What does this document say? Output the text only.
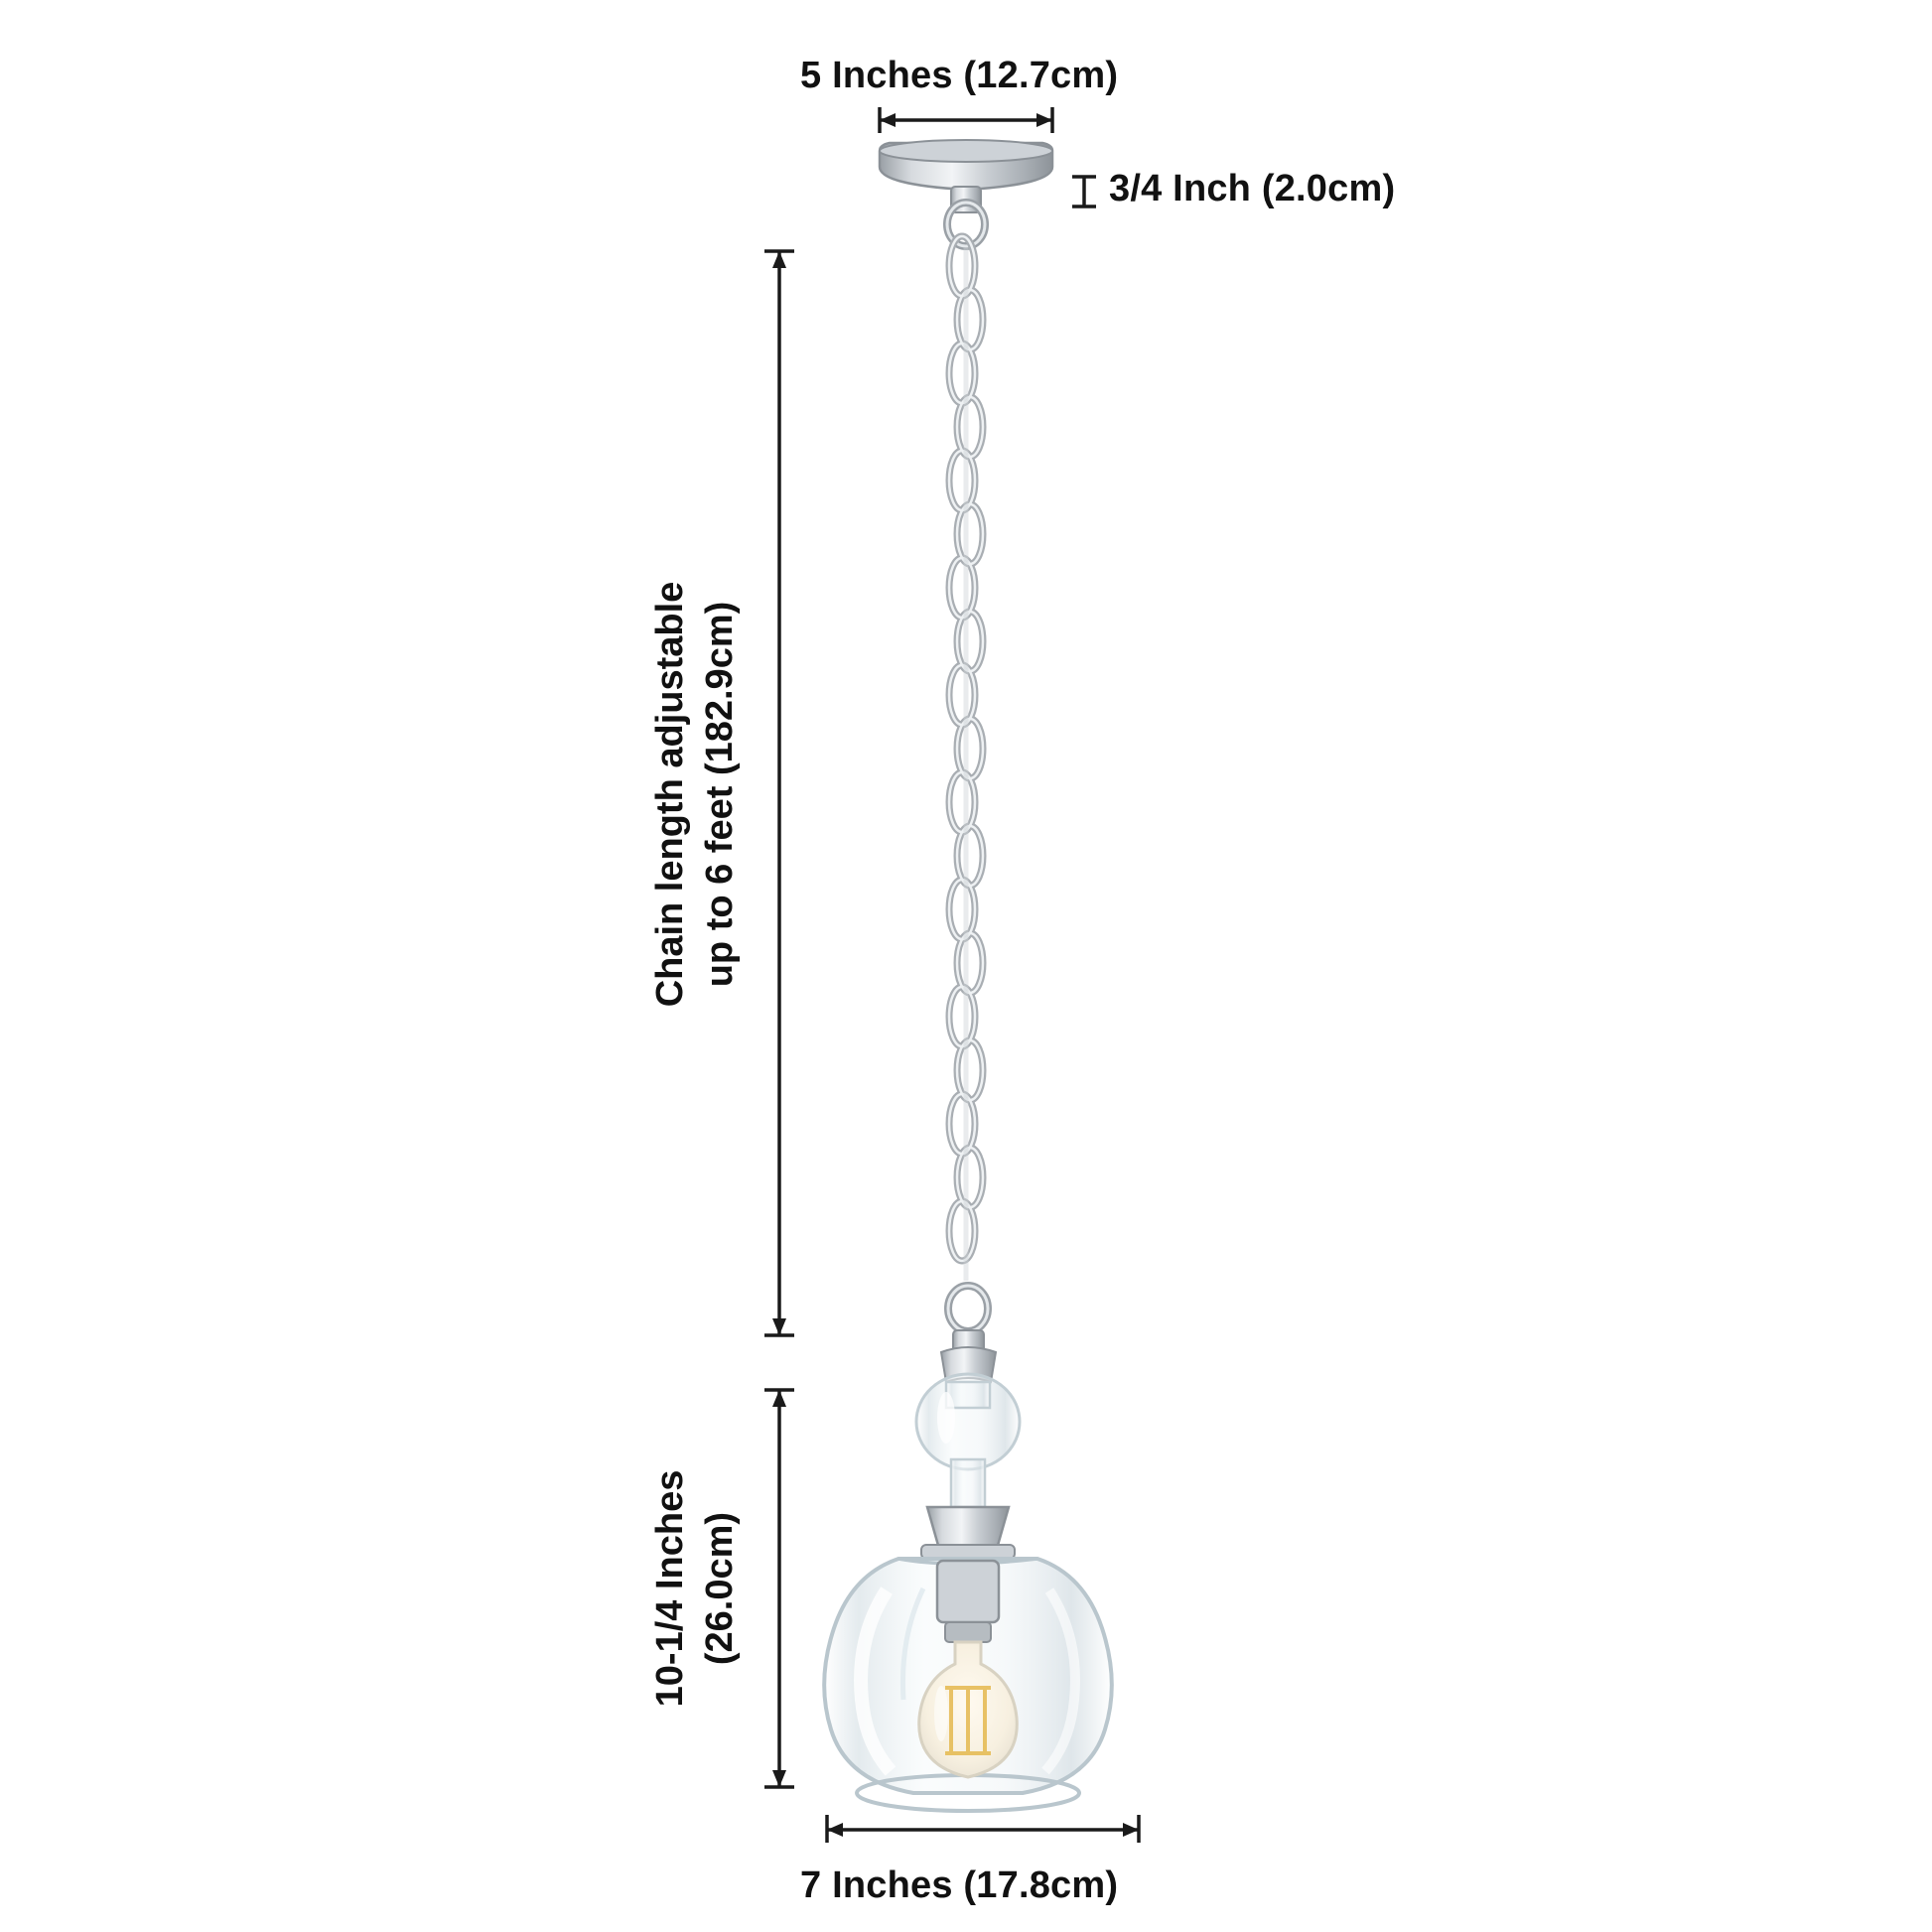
5 Inches (12.7cm)
3/4 Inch (2.0cm)
Chain length adjustable up to 6 feet (182.9cm)
10-1/4 Inches (26.0cm)
7 Inches (17.8cm)
